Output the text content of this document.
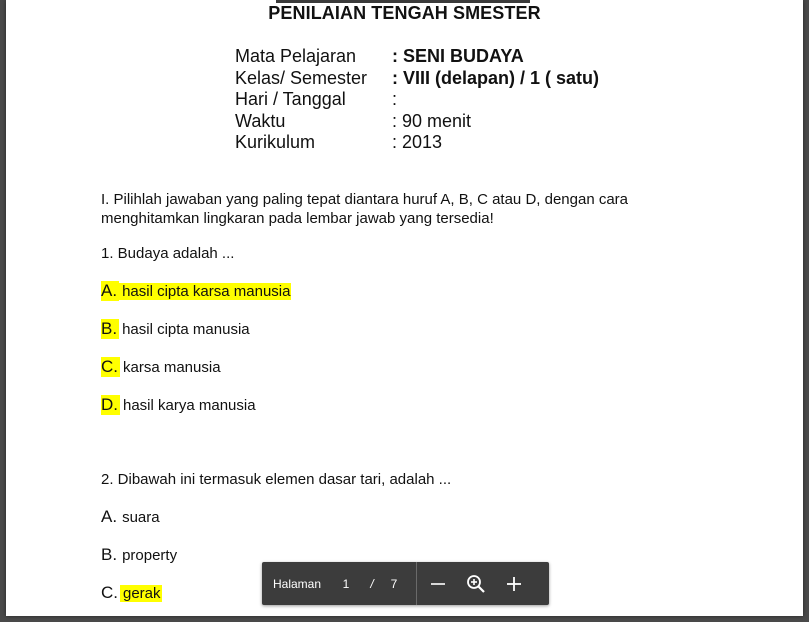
PENILAIAN TENGAH SMESTER
Mata Pelajaran	: SENI BUDAYA
Kelas/ Semester	: VIII (delapan) / 1 ( satu)
Hari / Tanggal	:
Waktu	: 90 menit
Kurikulum	: 2013
I. Pilihlah jawaban yang paling tepat diantara huruf A, B, C atau D, dengan cara menghitamkan lingkaran pada lembar jawab yang tersedia!
1. Budaya adalah ...
A. hasil cipta karsa manusia
B. hasil cipta manusia
C. karsa manusia
D. hasil karya manusia
2. Dibawah ini termasuk elemen dasar tari, adalah ...
A. suara
B. property
C. gerak
Halaman	1	/	7
